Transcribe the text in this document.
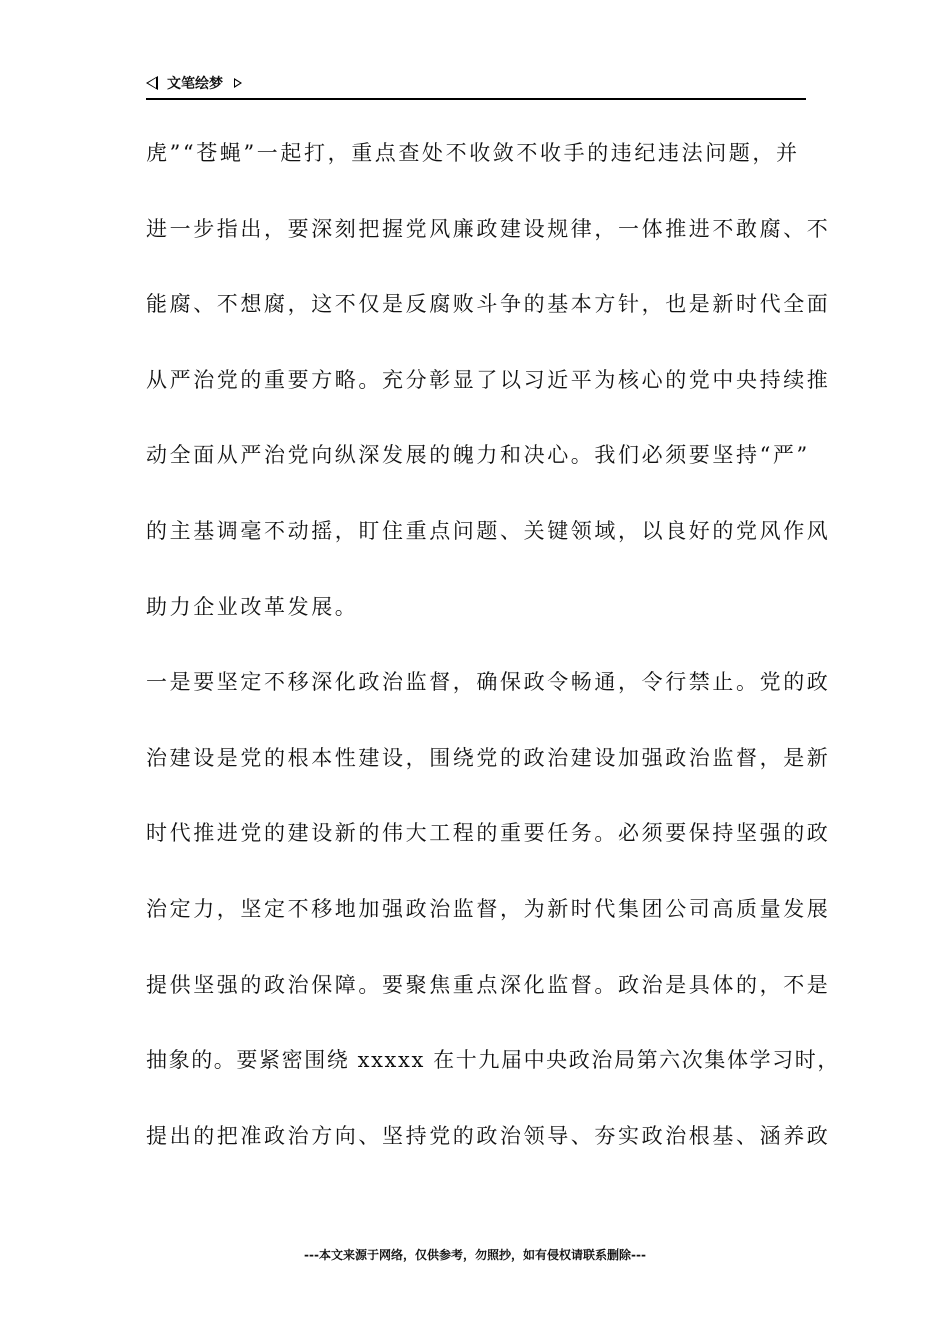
文笔绘梦
虎”“苍蝇”一起打，重点查处不收敛不收手的违纪违法问题，并
进一步指出，要深刻把握党风廉政建设规律，一体推进不敢腐、不
能腐、不想腐，这不仅是反腐败斗争的基本方针，也是新时代全面
从严治党的重要方略。充分彰显了以习近平为核心的党中央持续推
动全面从严治党向纵深发展的魄力和决心。我们必须要坚持“严”
的主基调毫不动摇，盯住重点问题、关键领域，以良好的党风作风
助力企业改革发展。
一是要坚定不移深化政治监督，确保政令畅通，令行禁止。党的政
治建设是党的根本性建设，围绕党的政治建设加强政治监督，是新
时代推进党的建设新的伟大工程的重要任务。必须要保持坚强的政
治定力，坚定不移地加强政治监督，为新时代集团公司高质量发展
提供坚强的政治保障。要聚焦重点深化监督。政治是具体的，不是
抽象的。要紧密围绕 xxxxx 在十九届中央政治局第六次集体学习时，
提出的把准政治方向、坚持党的政治领导、夯实政治根基、涵养政
---本文来源于网络，仅供参考，勿照抄，如有侵权请联系删除---
